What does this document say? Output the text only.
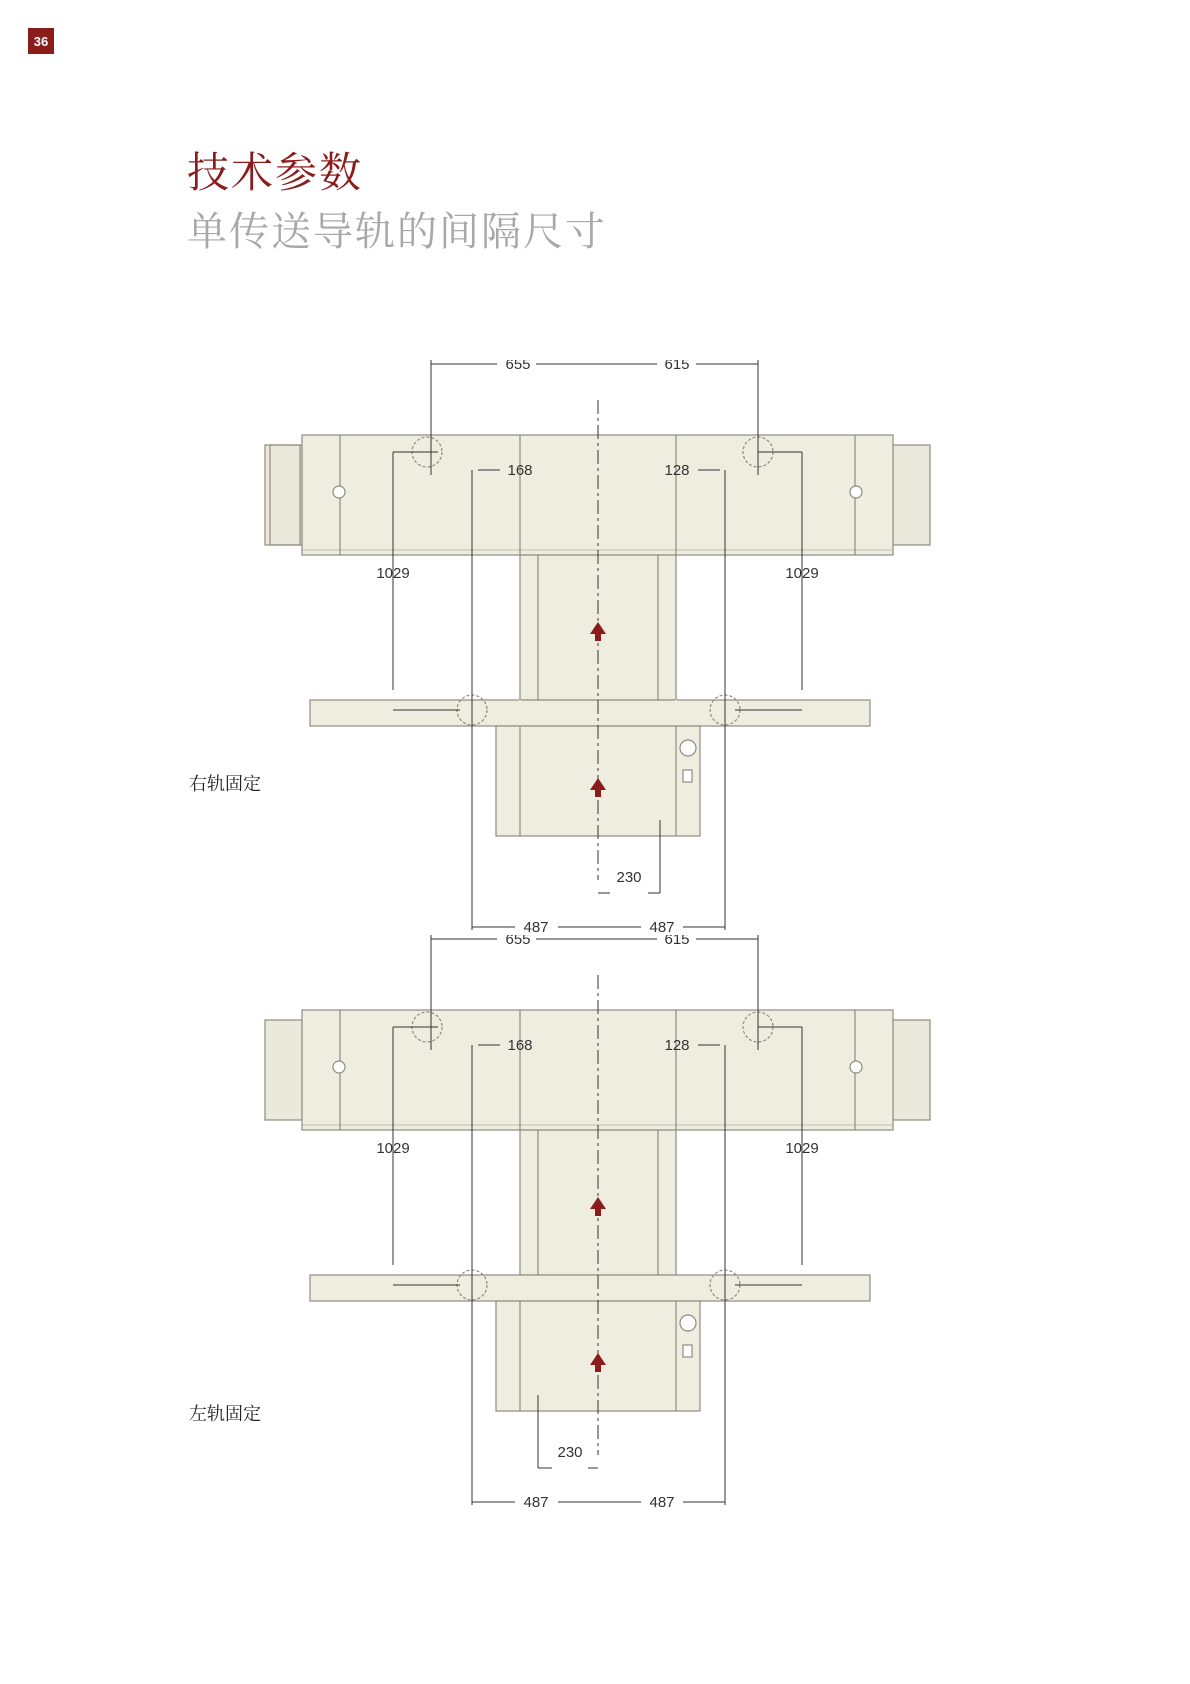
36
技术参数
单传送导轨的间隔尺寸
655	615
168	128
1029	1029
230
487	487
右轨固定
655	615
168	128
1029	1029
230
487	487
左轨固定
